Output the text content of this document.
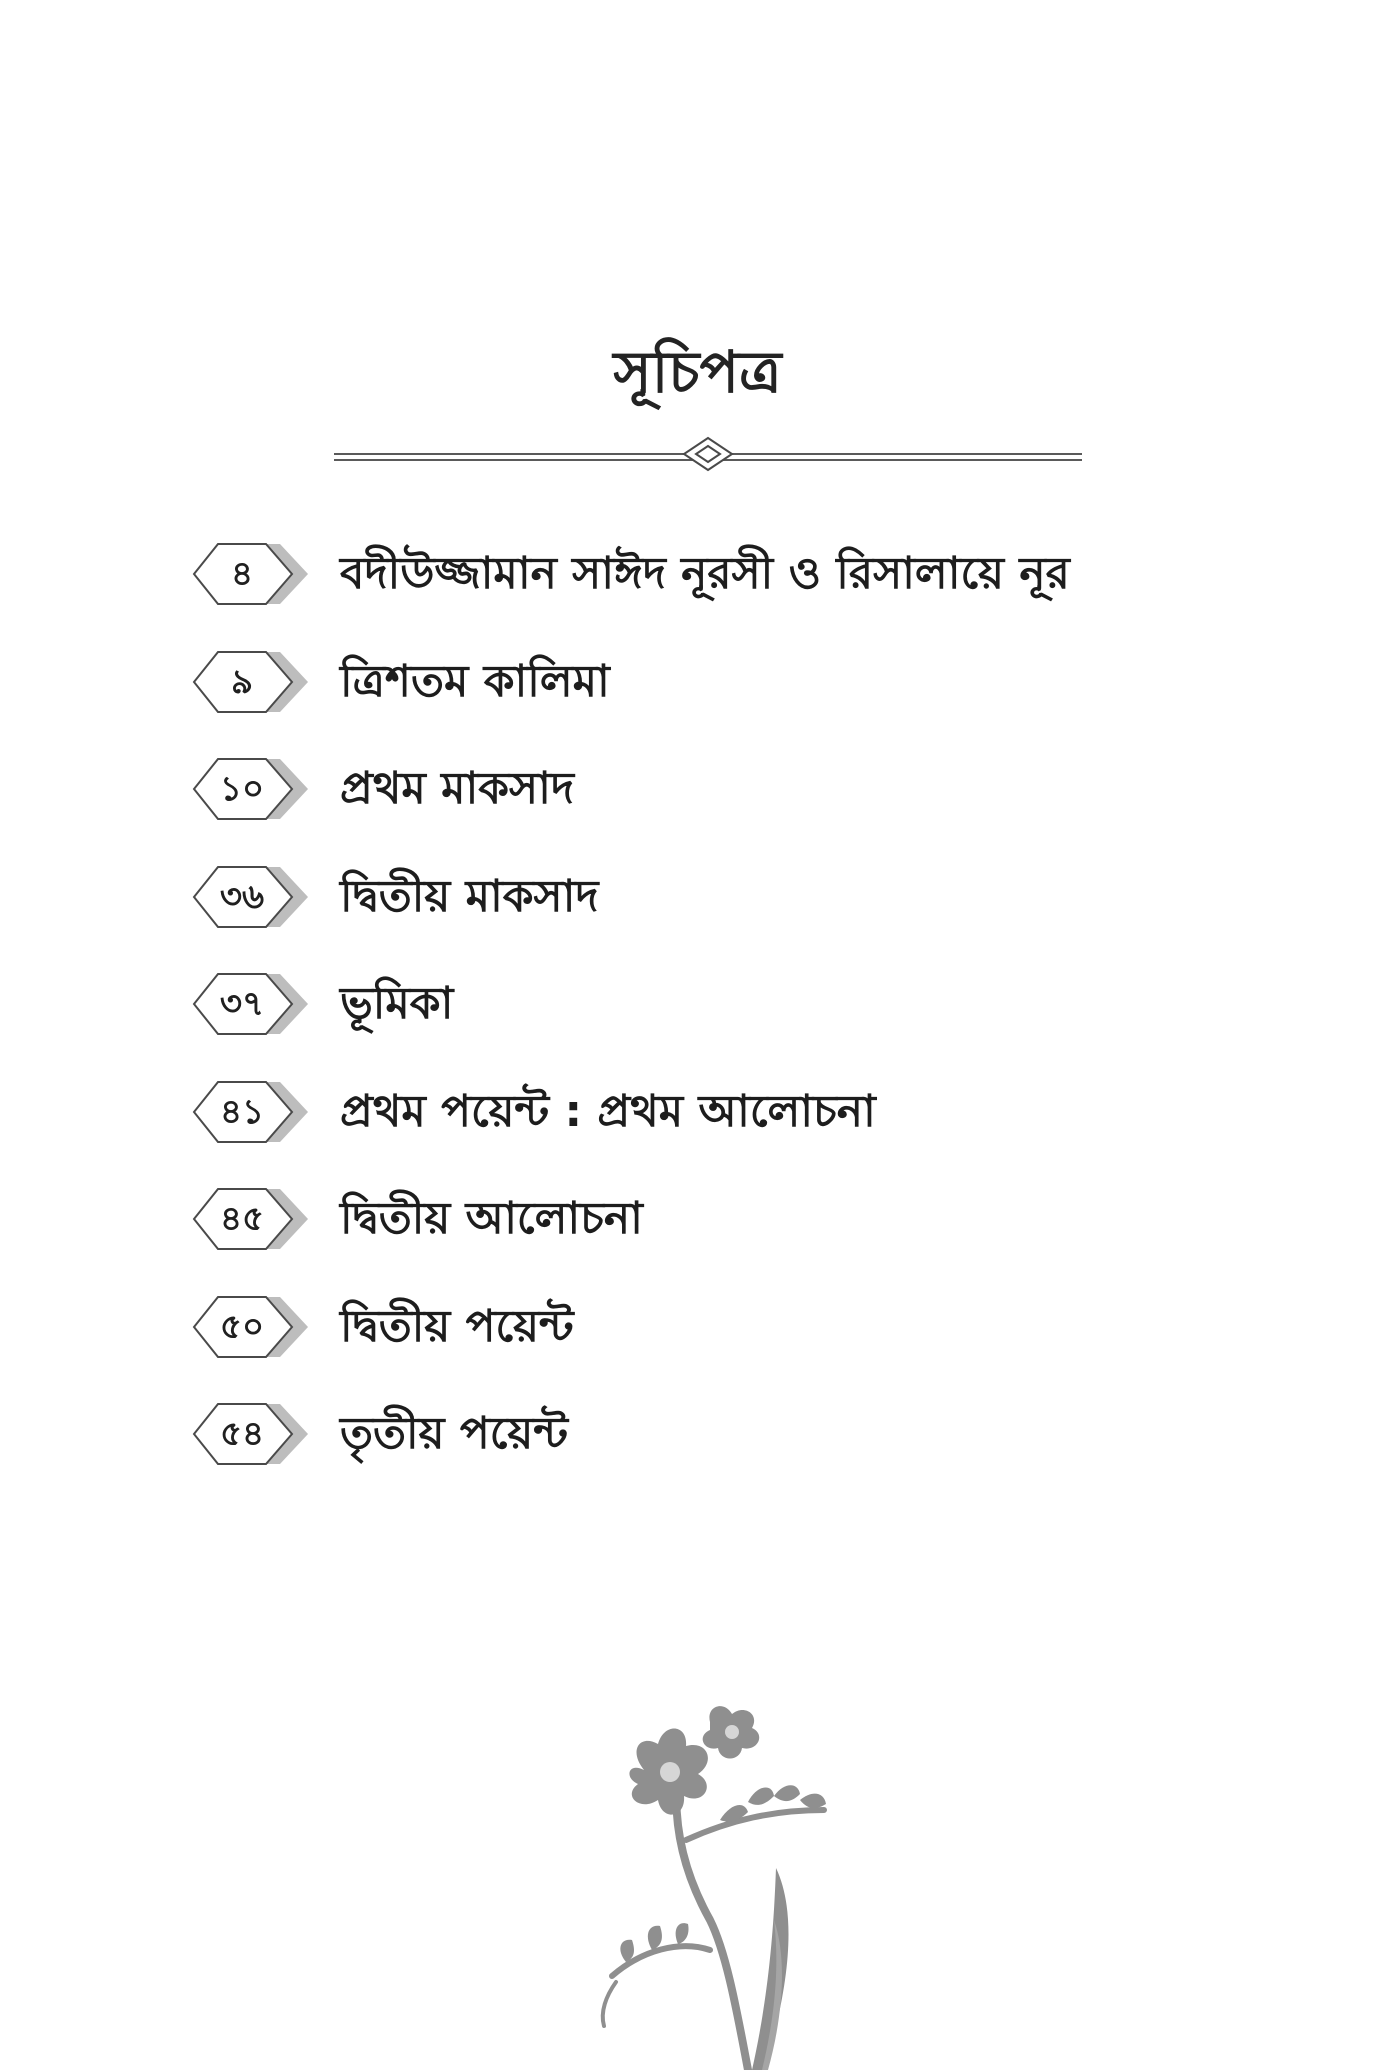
সূচিপত্র
৪	বদীউজ্জামান সাঈদ নূরসী ও রিসালায়ে নূর
৯	ত্রিশতম কালিমা
১০	প্রথম মাকসাদ
৩৬	দ্বিতীয় মাকসাদ
৩৭	ভূমিকা
৪১	প্রথম পয়েন্ট : প্রথম আলোচনা
৪৫	দ্বিতীয় আলোচনা
৫০	দ্বিতীয় পয়েন্ট
৫৪	তৃতীয় পয়েন্ট
